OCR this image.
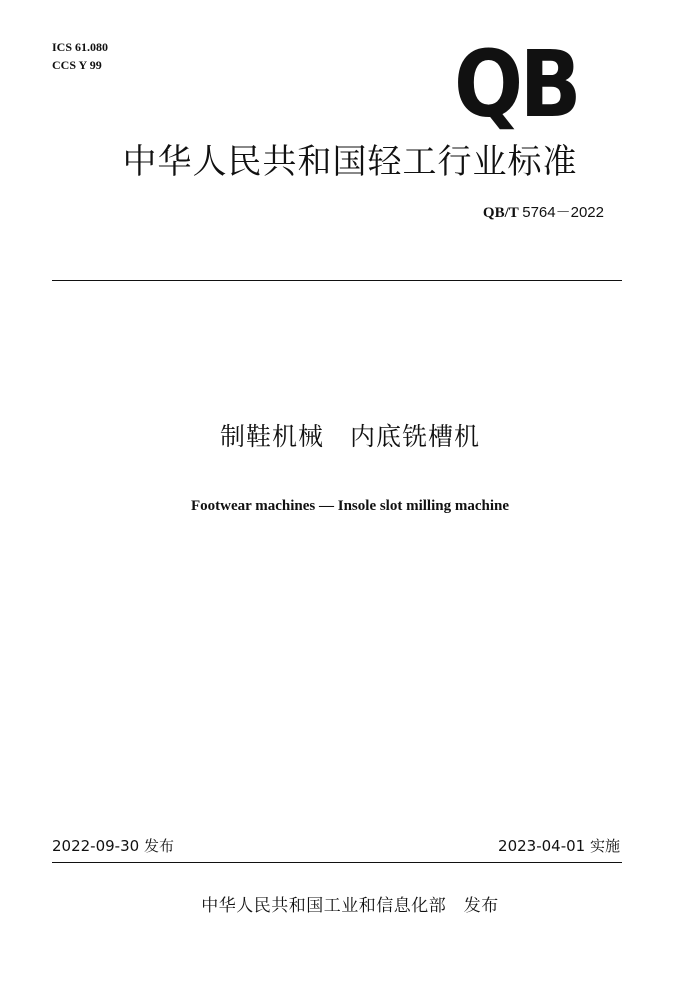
ICS 61.080
CCS Y 99	QB
中华人民共和国轻工行业标准
QB/T 5764－2022
制鞋机械　内底铣槽机
Footwear machines — Insole slot milling machine
2022-09-30 发布	2023-04-01 实施
中华人民共和国工业和信息化部　发布
